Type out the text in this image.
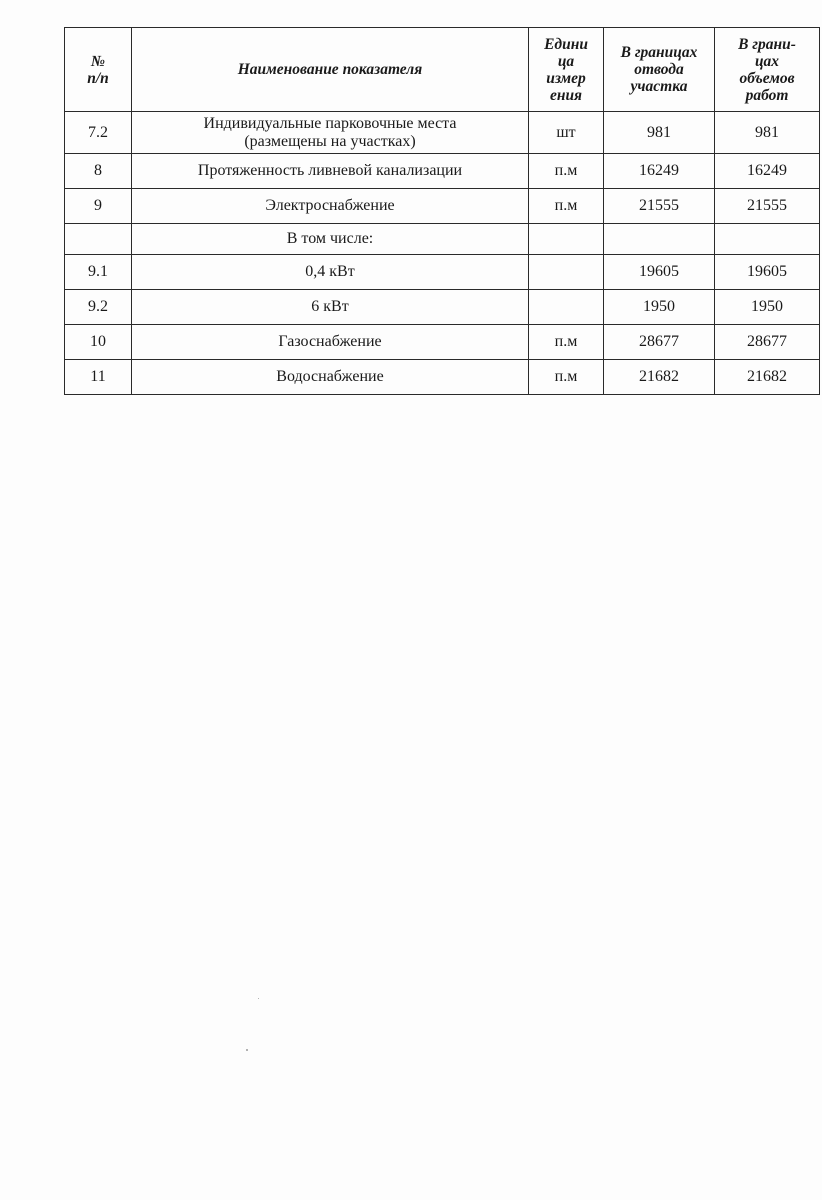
№
п/п	Наименование показателя	Едини
ца
измер
ения	В границах
отвода
участка	В грани-
цах
объемов
работ
7.2	Индивидуальные парковочные места
(размещены на участках)	шт	981	981
8	Протяженность ливневой канализации	п.м	16249	16249
9	Электроснабжение	п.м	21555	21555
	В том числе:			
9.1	0,4 кВт		19605	19605
9.2	6 кВт		1950	1950
10	Газоснабжение	п.м	28677	28677
11	Водоснабжение	п.м	21682	21682
